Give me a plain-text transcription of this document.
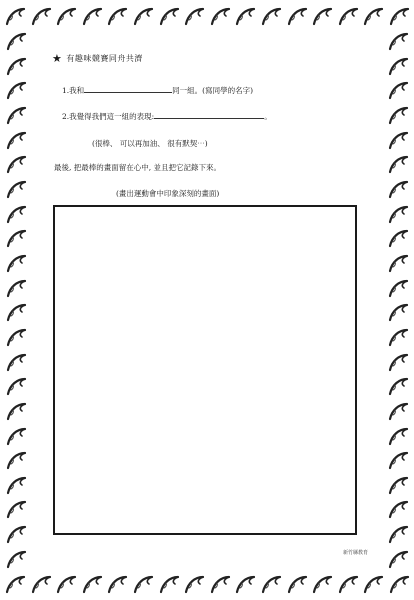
★ 有趣味競賽同舟共濟
1.我和	同一組。(寫同學的名字)
2.我覺得我們這一組的表現:	。
(很棒、 可以再加油、 很有默契⋯)
最後, 把最棒的畫面留在心中, 並且把它記錄下來。
(畫出運動會中印象深刻的畫面)
新竹縣教育
